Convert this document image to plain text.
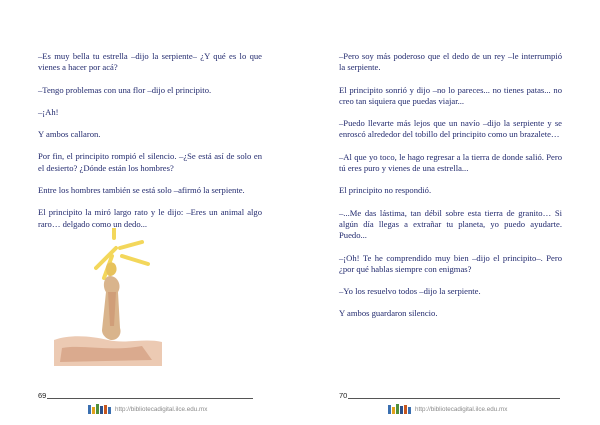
–Es muy bella tu estrella –dijo la serpiente– ¿Y qué es lo que vienes a hacer por acá?

–Tengo problemas con una flor –dijo el principito.

–¡Ah!

Y ambos callaron.

Por fin, el principito rompió el silencio. –¿Se está así de solo en el desierto? ¿Dónde están los hombres?

Entre los hombres también se está solo –afirmó la serpiente.

El principito la miró largo rato y le dijo: –Eres un animal algo raro… delgado como un dedo...

69
http://bibliotecadigital.ilce.edu.mx

–Pero soy más poderoso que el dedo de un rey –le interrumpió la serpiente.

El principito sonrió y dijo –no lo pareces... no tienes patas... no creo tan siquiera que puedas viajar...

–Puedo llevarte más lejos que un navío –dijo la serpiente y se enroscó alrededor del tobillo del principito como un brazalete…

–Al que yo toco, le hago regresar a la tierra de donde salió. Pero tú eres puro y vienes de una estrella...

El principito no respondió.

–...Me das lástima, tan débil sobre esta tierra de granito… Si algún día llegas a extrañar tu planeta, yo puedo ayudarte. Puedo...

–¡Oh! Te he comprendido muy bien –dijo el principito–. Pero ¿por qué hablas siempre con enigmas?

–Yo los resuelvo todos –dijo la serpiente.

Y ambos guardaron silencio.

70
http://bibliotecadigital.ilce.edu.mx
